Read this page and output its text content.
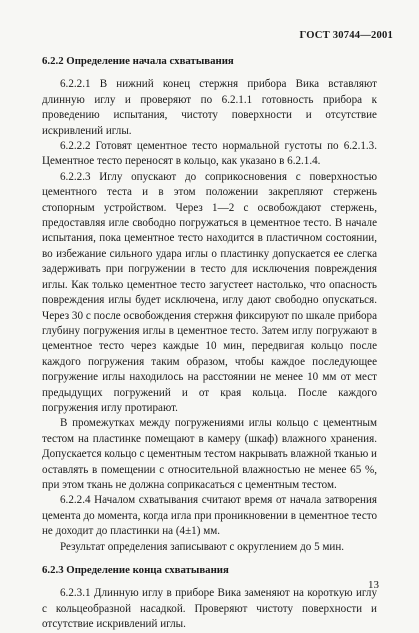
ГОСТ 30744—2001
6.2.2 Определение начала схватывания

6.2.2.1 В нижний конец стержня прибора Вика вставляют длинную иглу и проверяют по 6.2.1.1 готовность прибора к проведению испытания, чистоту поверхности и отсутствие искривлений иглы.

6.2.2.2 Готовят цементное тесто нормальной густоты по 6.2.1.3. Цементное тесто переносят в кольцо, как указано в 6.2.1.4.

6.2.2.3 Иглу опускают до соприкосновения с поверхностью цементного теста и в этом положении закрепляют стержень стопорным устройством. Через 1—2 с освобождают стержень, предоставляя игле свободно погружаться в цементное тесто. В начале испытания, пока цементное тесто находится в пластичном состоянии, во избежание сильного удара иглы о пластинку допускается ее слегка задерживать при погружении в тесто для исключения повреждения иглы. Как только цементное тесто загустеет настолько, что опасность повреждения иглы будет исключена, иглу дают свободно опускаться. Через 30 с после освобождения стержня фиксируют по шкале прибора глубину погружения иглы в цементное тесто. Затем иглу погружают в цементное тесто через каждые 10 мин, передвигая кольцо после каждого погружения таким образом, чтобы каждое последующее погружение иглы находилось на расстоянии не менее 10 мм от мест предыдущих погружений и от края кольца. После каждого погружения иглу протирают.

В промежутках между погружениями иглы кольцо с цементным тестом на пластинке помещают в камеру (шкаф) влажного хранения. Допускается кольцо с цементным тестом накрывать влажной тканью и оставлять в помещении с относительной влажностью не менее 65 %, при этом ткань не должна соприкасаться с цементным тестом.

6.2.2.4 Началом схватывания считают время от начала затворения цемента до момента, когда игла при проникновении в цементное тесто не доходит до пластинки на (4±1) мм.

Результат определения записывают с округлением до 5 мин.

6.2.3 Определение конца схватывания

6.2.3.1 Длинную иглу в приборе Вика заменяют на короткую иглу с кольцеобразной насадкой. Проверяют чистоту поверхности и отсутствие искривлений иглы.

13
